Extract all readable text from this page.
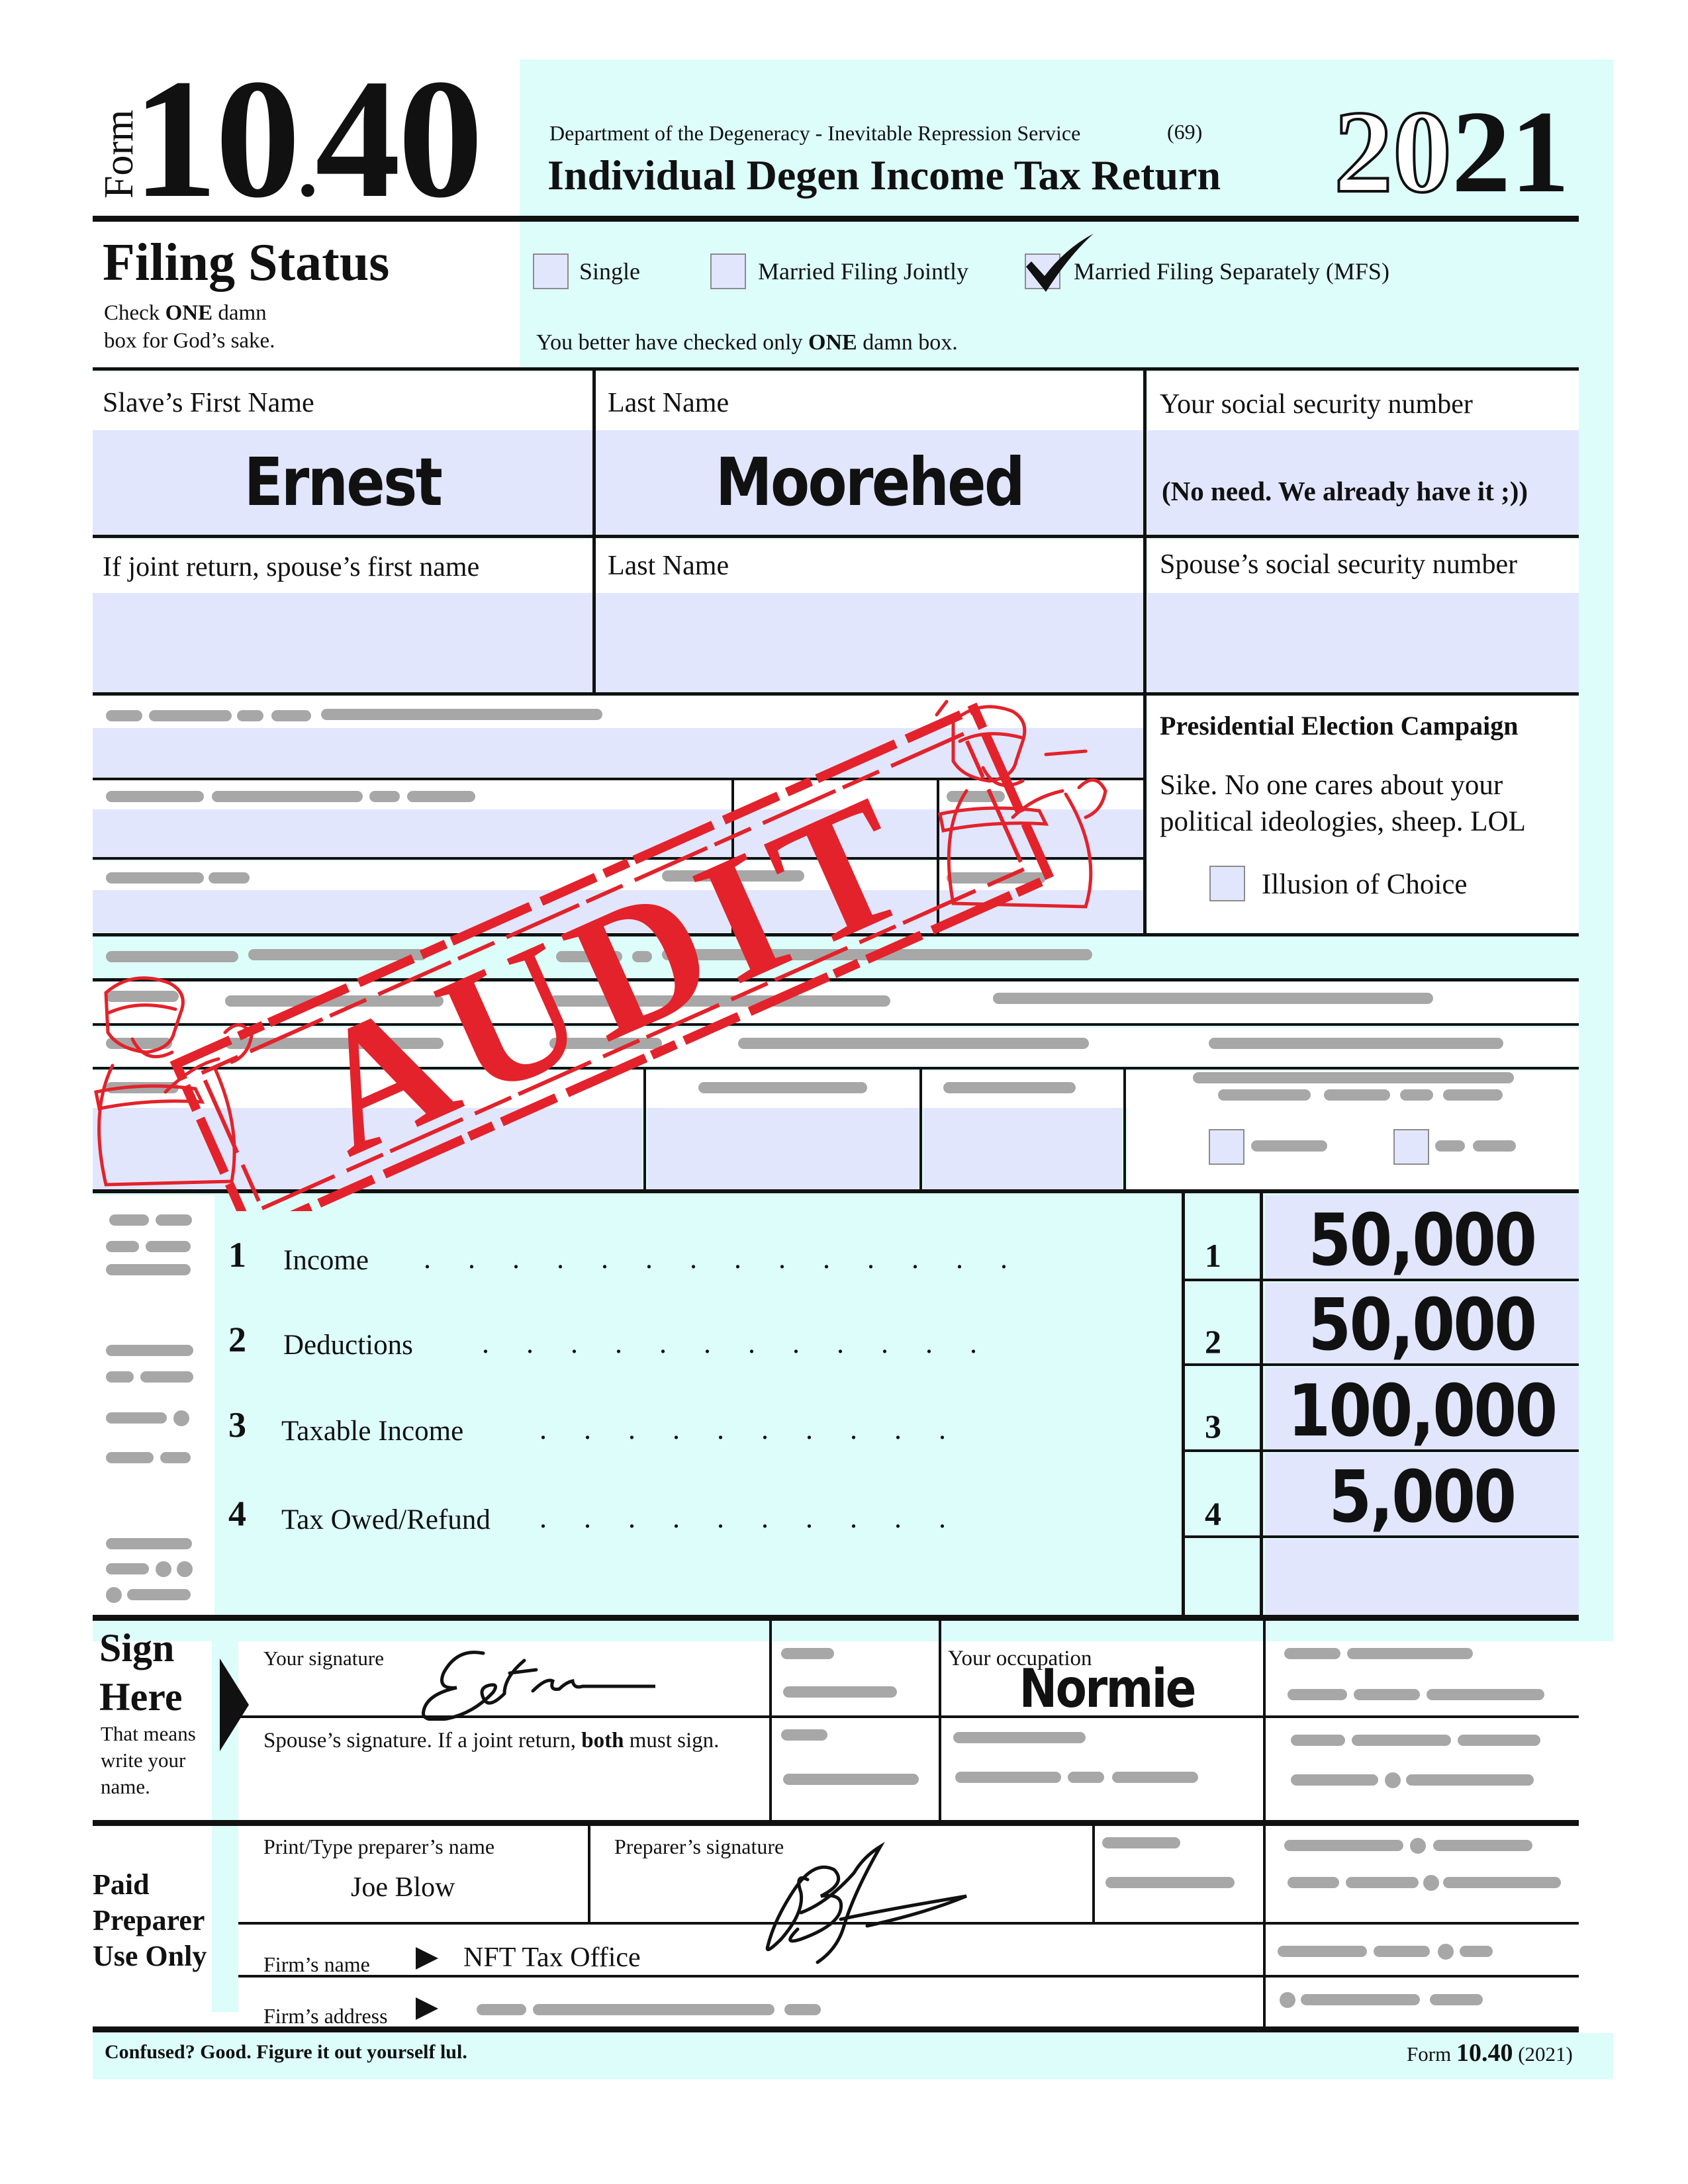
Form
10.40	Department of the Degeneracy - Inevitable Repression Service	(69)
Individual Degen Income Tax Return 2021
Filing Status
Check ONE damn
box for God’s sake.
Single	Married Filing Jointly	Married Filing Separately (MFS)
You better have checked only ONE damn box.
Slave’s First Name
Ernest
Last Name
Moorehed
Your social security number
(No need. We already have it ;))
If joint return, spouse’s first name	Last Name	Spouse’s social security number
Presidential Election Campaign
Sike. No one cares about your
political ideologies, sheep. LOL
Illusion of Choice
AUDIT
1 Income ..............	1 50,000
2 Deductions ............	2 50,000
3 Taxable Income	..........	3 100,000
4 Tax Owed/Refund ..........	4	5,000
Sign
Here
That means
write your
name.
Your signature
Spouse’s signature. If a joint return, both must sign.
Your occupation
Normie
Paid
Preparer
Use Only
Print/Type preparer’s name
Joe Blow
Preparer’s signature
Firm’s name	NFT Tax Office
Firm’s address
Confused? Good. Figure it out yourself lul.	Form 10.40 (2021)
